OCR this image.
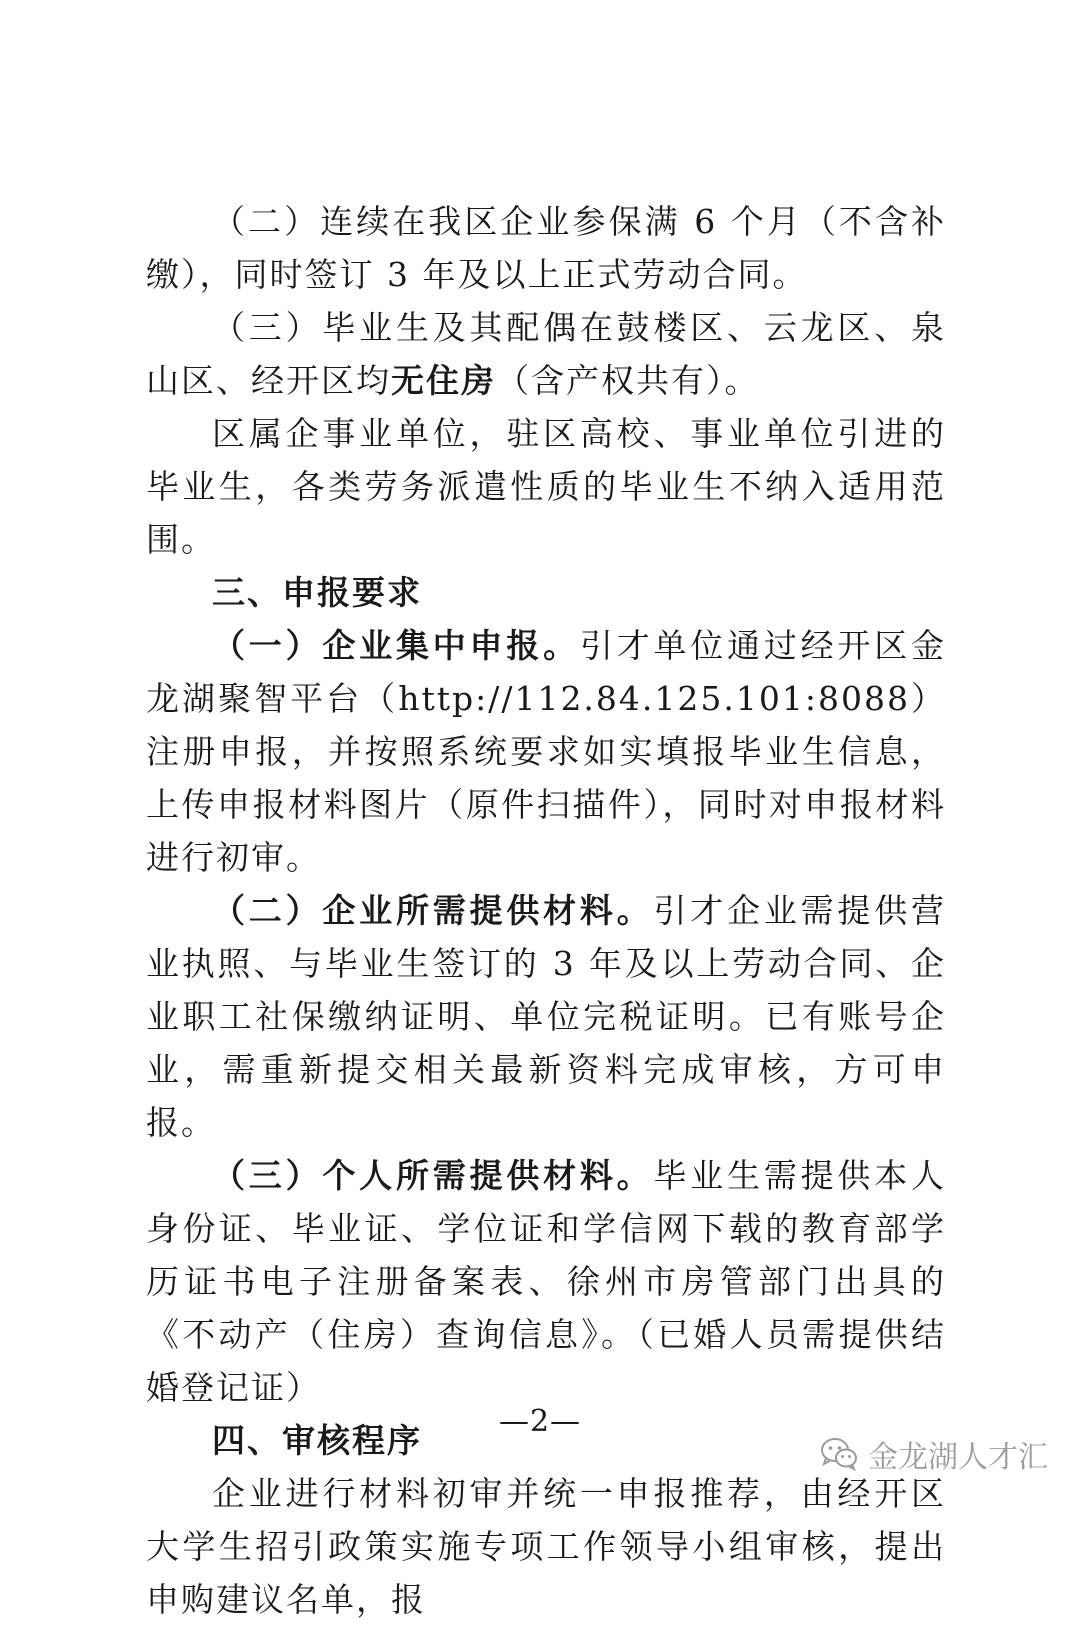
（二）连续在我区企业参保满 6 个月（不含补缴），同时签订 3 年及以上正式劳动合同。

（三）毕业生及其配偶在鼓楼区、云龙区、泉山区、经开区均无住房（含产权共有）。

区属企事业单位，驻区高校、事业单位引进的毕业生，各类劳务派遣性质的毕业生不纳入适用范围。

三、申报要求

（一）企业集中申报。引才单位通过经开区金龙湖聚智平台（http://112.84.125.101:8088）注册申报，并按照系统要求如实填报毕业生信息，上传申报材料图片（原件扫描件），同时对申报材料进行初审。

（二）企业所需提供材料。引才企业需提供营业执照、与毕业生签订的 3 年及以上劳动合同、企业职工社保缴纳证明、单位完税证明。已有账号企业，需重新提交相关最新资料完成审核，方可申报。

（三）个人所需提供材料。毕业生需提供本人身份证、毕业证、学位证和学信网下载的教育部学历证书电子注册备案表、徐州市房管部门出具的《不动产（住房）查询信息》。（已婚人员需提供结婚登记证）

四、审核程序

企业进行材料初审并统一申报推荐，由经开区大学生招引政策实施专项工作领导小组审核，提出申购建议名单，报

—2—
金龙湖人才汇
